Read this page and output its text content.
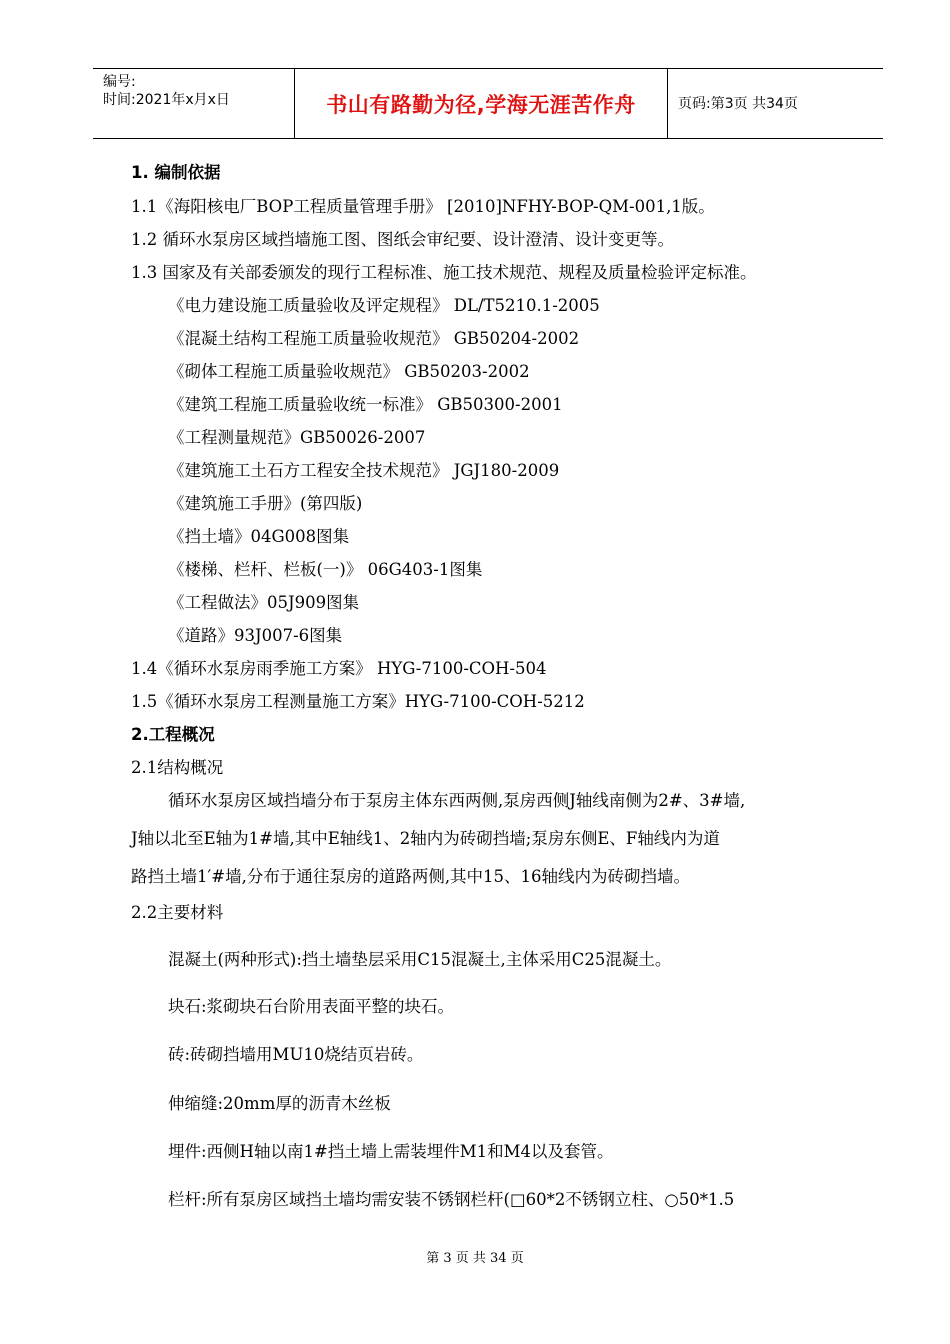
编号:
时间:2021年x月x日	书山有路勤为径,学海无涯苦作舟	页码:第3页 共34页
1. 编制依据
1.1《海阳核电厂BOP工程质量管理手册》 [2010]NFHY-BOP-QM-001,1版。
1.2 循环水泵房区域挡墙施工图、图纸会审纪要、设计澄清、设计变更等。
1.3 国家及有关部委颁发的现行工程标准、施工技术规范、规程及质量检验评定标准。
《电力建设施工质量验收及评定规程》 DL/T5210.1-2005
《混凝土结构工程施工质量验收规范》 GB50204-2002
《砌体工程施工质量验收规范》 GB50203-2002
《建筑工程施工质量验收统一标准》 GB50300-2001
《工程测量规范》GB50026-2007
《建筑施工土石方工程安全技术规范》 JGJ180-2009
《建筑施工手册》(第四版)
《挡土墙》04G008图集
《楼梯、栏杆、栏板(一)》 06G403-1图集
《工程做法》05J909图集
《道路》93J007-6图集
1.4《循环水泵房雨季施工方案》 HYG-7100-COH-504
1.5《循环水泵房工程测量施工方案》HYG-7100-COH-5212
2.工程概况
2.1结构概况
循环水泵房区域挡墙分布于泵房主体东西两侧,泵房西侧J轴线南侧为2#、3#墙,
J轴以北至E轴为1#墙,其中E轴线1、2轴内为砖砌挡墙;泵房东侧E、F轴线内为道
路挡土墙1′#墙,分布于通往泵房的道路两侧,其中15、16轴线内为砖砌挡墙。
2.2主要材料
混凝土(两种形式):挡土墙垫层采用C15混凝土,主体采用C25混凝土。
块石:浆砌块石台阶用表面平整的块石。
砖:砖砌挡墙用MU10烧结页岩砖。
伸缩缝:20mm厚的沥青木丝板
埋件:西侧H轴以南1#挡土墙上需装埋件M1和M4以及套管。
栏杆:所有泵房区域挡土墙均需安装不锈钢栏杆(□60*2不锈钢立柱、○50*1.5
第 3 页 共 34 页
